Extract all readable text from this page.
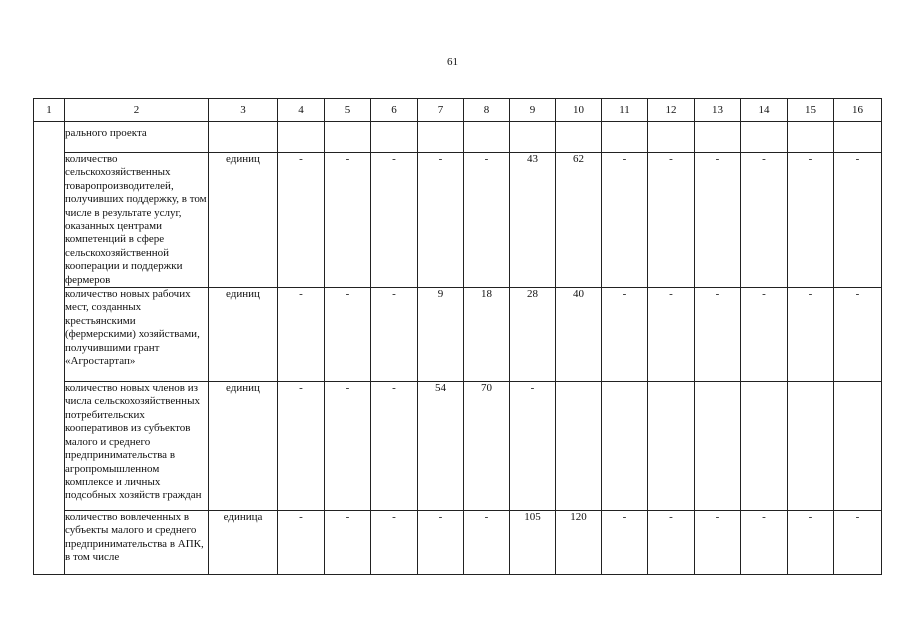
61
1	2	3	4	5	6	7	8	9	10	11	12	13	14	15	16
	рального проекта														
	количество сельскохозяйственных товаропроизводителей, получивших поддержку, в том числе в результате услуг, оказанных центрами компетенций в сфере сельскохозяйственной кооперации и поддержки фермеров	единиц	-	-	-	-	-	43	62	-	-	-	-	-	-
	количество новых рабочих мест, созданных крестьянскими (фермерскими) хозяйствами, получившими грант «Агростартап»	единиц	-	-	-	9	18	28	40	-	-	-	-	-	-
	количество новых членов из числа сельскохозяйственных потребительских кооперативов из субъектов малого и среднего предпринимательства в агропромышленном комплексе и личных подсобных хозяйств граждан	единиц	-	-	-	54	70	-							
	количество вовлеченных в субъекты малого и среднего предпринимательства в АПК, в том числе	единица	-	-	-	-	-	105	120	-	-	-	-	-	-
